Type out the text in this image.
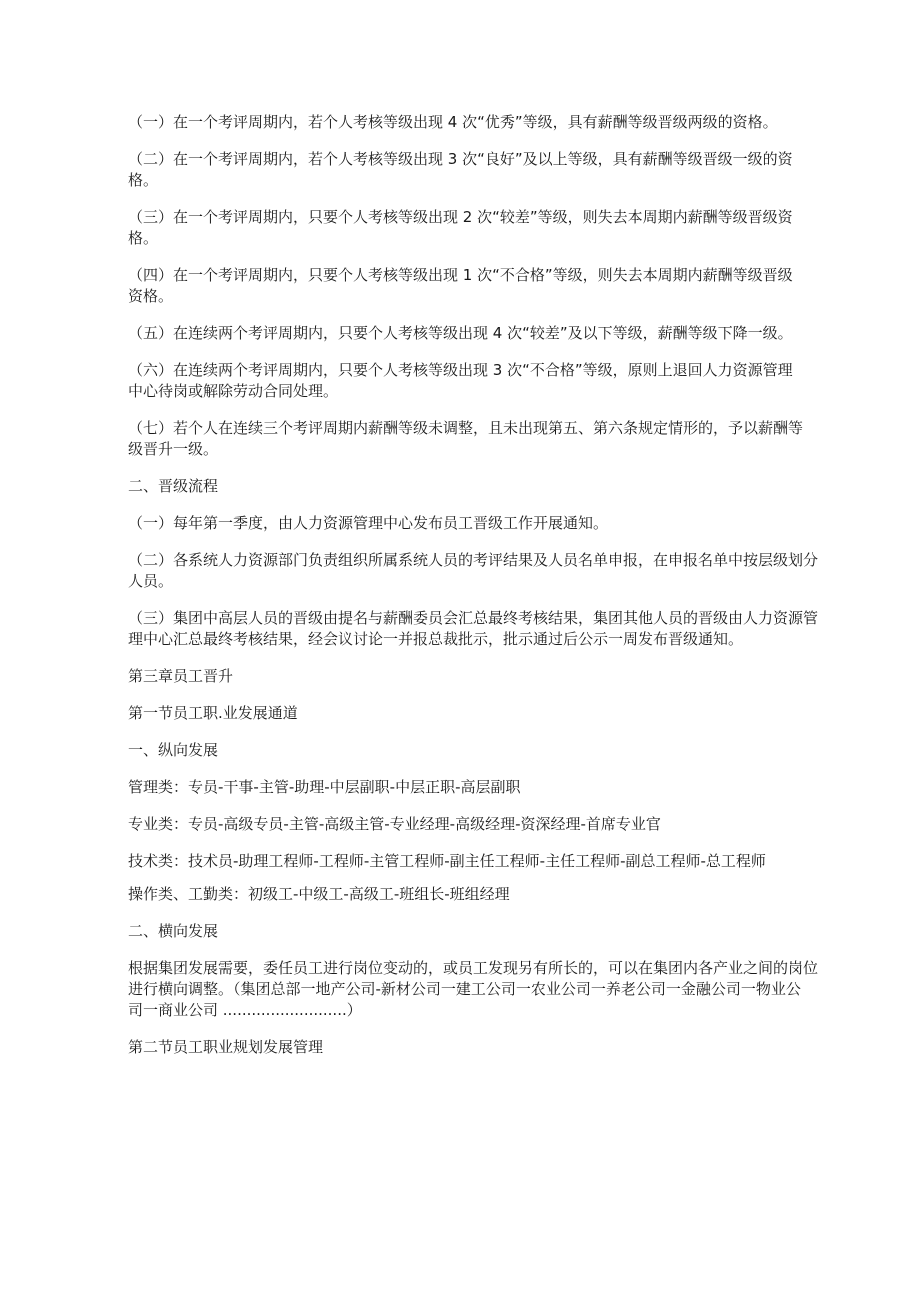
（一）在一个考评周期内，若个人考核等级出现 4 次“优秀”等级，具有薪酬等级晋级两级的资格。

（二）在一个考评周期内，若个人考核等级出现 3 次“良好”及以上等级，具有薪酬等级晋级一级的资

格。

（三）在一个考评周期内，只要个人考核等级出现 2 次“较差”等级，则失去本周期内薪酬等级晋级资

格。

（四）在一个考评周期内，只要个人考核等级出现 1 次“不合格”等级，则失去本周期内薪酬等级晋级

资格。

（五）在连续两个考评周期内，只要个人考核等级出现 4 次“较差”及以下等级，薪酬等级下降一级。

（六）在连续两个考评周期内，只要个人考核等级出现 3 次“不合格”等级，原则上退回人力资源管理

中心待岗或解除劳动合同处理。

（七）若个人在连续三个考评周期内薪酬等级未调整，且未出现第五、第六条规定情形的，予以薪酬等

级晋升一级。

二、晋级流程

（一）每年第一季度，由人力资源管理中心发布员工晋级工作开展通知。

（二）各系统人力资源部门负责组织所属系统人员的考评结果及人员名单申报，在申报名单中按层级划分

人员。

（三）集团中高层人员的晋级由提名与薪酬委员会汇总最终考核结果，集团其他人员的晋级由人力资源管

理中心汇总最终考核结果，经会议讨论一并报总裁批示，批示通过后公示一周发布晋级通知。

第三章员工晋升

第一节员工职.业发展通道

一、纵向发展

管理类：专员-干事-主管-助理-中层副职-中层正职-高层副职

专业类：专员-高级专员-主管-高级主管-专业经理-高级经理-资深经理-首席专业官

技术类：技术员-助理工程师-工程师-主管工程师-副主任工程师-主任工程师-副总工程师-总工程师

操作类、工勤类：初级工-中级工-高级工-班组长-班组经理

二、横向发展

根据集团发展需要，委任员工进行岗位变动的，或员工发现另有所长的，可以在集团内各产业之间的岗位

进行横向调整。（集团总部一地产公司-新材公司一建工公司一农业公司一养老公司一金融公司一物业公

司一商业公司 ..........................）

第二节员工职业规划发展管理
